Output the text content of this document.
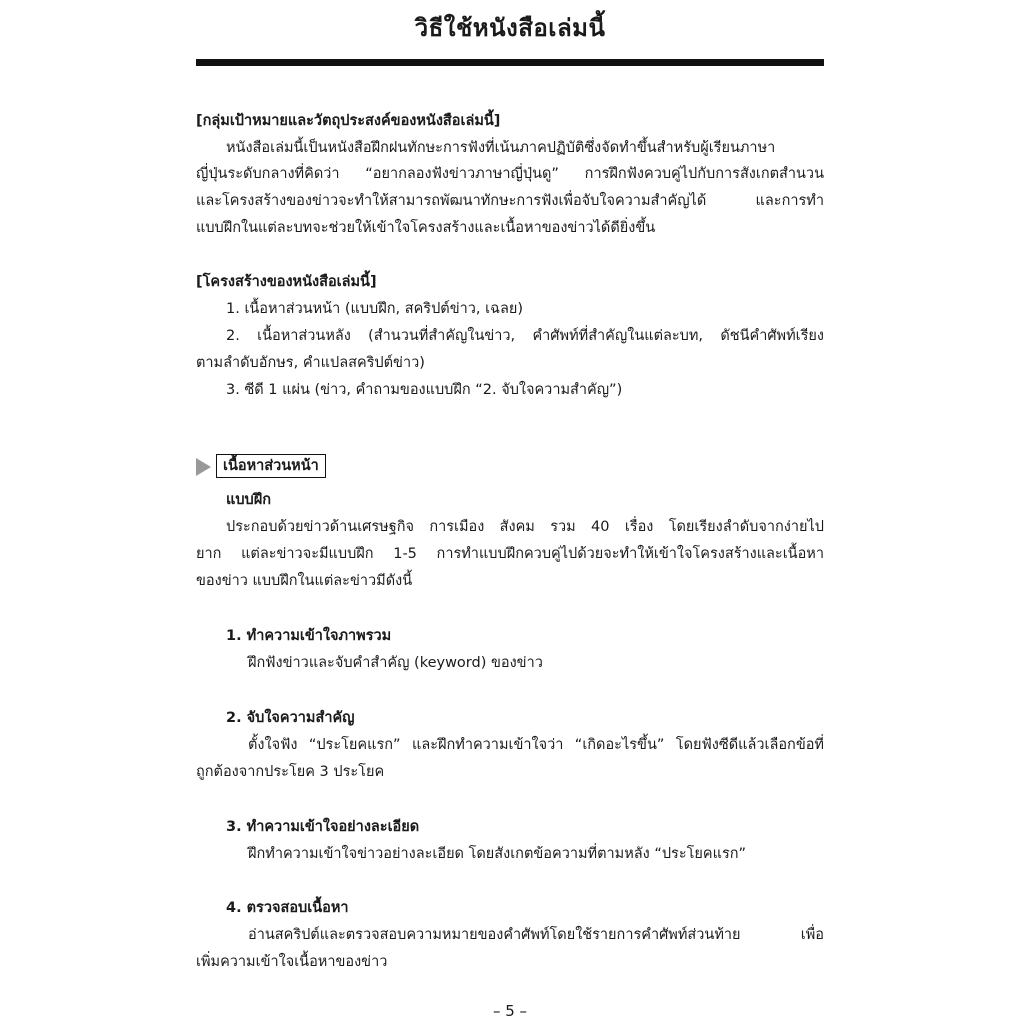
วิธีใช้หนังสือเล่มนี้
[กลุ่มเป้าหมายและวัตถุประสงค์ของหนังสือเล่มนี้]
หนังสือเล่มนี้เป็นหนังสือฝึกฝนทักษะการฟังที่เน้นภาคปฏิบัติซึ่งจัดทำขึ้นสำหรับผู้เรียนภาษา
ญี่ปุ่นระดับกลางที่คิดว่า “อยากลองฟังข่าวภาษาญี่ปุ่นดู” การฝึกฟังควบคู่ไปกับการสังเกตสำนวน
และโครงสร้างของข่าวจะทำให้สามารถพัฒนาทักษะการฟังเพื่อจับใจความสำคัญได้ และการทำ
แบบฝึกในแต่ละบทจะช่วยให้เข้าใจโครงสร้างและเนื้อหาของข่าวได้ดียิ่งขึ้น
[โครงสร้างของหนังสือเล่มนี้]
1. เนื้อหาส่วนหน้า (แบบฝึก, สคริปต์ข่าว, เฉลย)
2. เนื้อหาส่วนหลัง (สำนวนที่สำคัญในข่าว, คำศัพท์ที่สำคัญในแต่ละบท, ดัชนีคำศัพท์เรียง
ตามลำดับอักษร, คำแปลสคริปต์ข่าว)
3. ซีดี 1 แผ่น (ข่าว, คำถามของแบบฝึก “2. จับใจความสำคัญ”)
เนื้อหาส่วนหน้า
แบบฝึก
ประกอบด้วยข่าวด้านเศรษฐกิจ การเมือง สังคม รวม 40 เรื่อง โดยเรียงลำดับจากง่ายไป
ยาก แต่ละข่าวจะมีแบบฝึก 1-5 การทำแบบฝึกควบคู่ไปด้วยจะทำให้เข้าใจโครงสร้างและเนื้อหา
ของข่าว แบบฝึกในแต่ละข่าวมีดังนี้
1. ทำความเข้าใจภาพรวม
ฝึกฟังข่าวและจับคำสำคัญ (keyword) ของข่าว
2. จับใจความสำคัญ
ตั้งใจฟัง “ประโยคแรก” และฝึกทำความเข้าใจว่า “เกิดอะไรขึ้น” โดยฟังซีดีแล้วเลือกข้อที่
ถูกต้องจากประโยค 3 ประโยค
3. ทำความเข้าใจอย่างละเอียด
ฝึกทำความเข้าใจข่าวอย่างละเอียด โดยสังเกตข้อความที่ตามหลัง “ประโยคแรก”
4. ตรวจสอบเนื้อหา
อ่านสคริปต์และตรวจสอบความหมายของคำศัพท์โดยใช้รายการคำศัพท์ส่วนท้าย เพื่อ
เพิ่มความเข้าใจเนื้อหาของข่าว
– 5 –
